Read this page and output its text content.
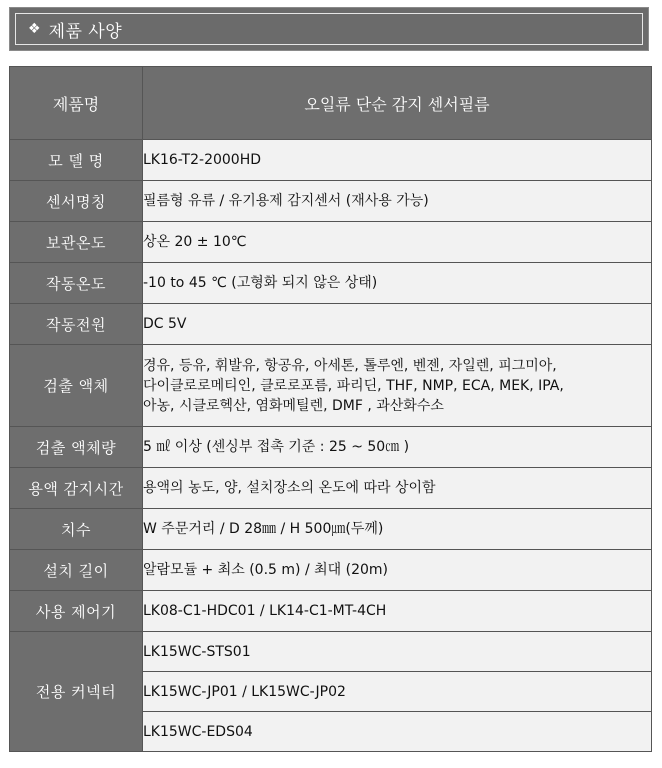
❖ 제품 사양
제품명	오일류 단순 감지 센서필름
모 델 명	LK16-T2-2000HD
센서명칭	필름형 유류 / 유기용제 감지센서 (재사용 가능)
보관온도	상온 20 ± 10℃
작동온도	-10 to 45 ℃ (고형화 되지 않은 상태)
작동전원	DC 5V
검출 액체	경유, 등유, 휘발유, 항공유, 아세톤, 톨루엔, 벤젠, 자일렌, 피그미아,
다이클로로메티인, 클로로포름, 파리딘, THF, NMP, ECA, MEK, IPA,
아농, 시클로헥산, 염화메틸렌, DMF , 과산화수소

검출 액체량	5 ㎖ 이상 (센싱부 접촉 기준 : 25 ~ 50㎝ )
용액 감지시간	용액의 농도, 양, 설치장소의 온도에 따라 상이함
치수	W 주문거리 / D 28㎜ / H 500㎛(두께)
설치 길이	알람모듈 + 최소 (0.5 m) / 최대 (20m)
사용 제어기	LK08-C1-HDC01 / LK14-C1-MT-4CH
전용 커넥터	LK15WC-STS01
	LK15WC-JP01 / LK15WC-JP02
	LK15WC-EDS04
